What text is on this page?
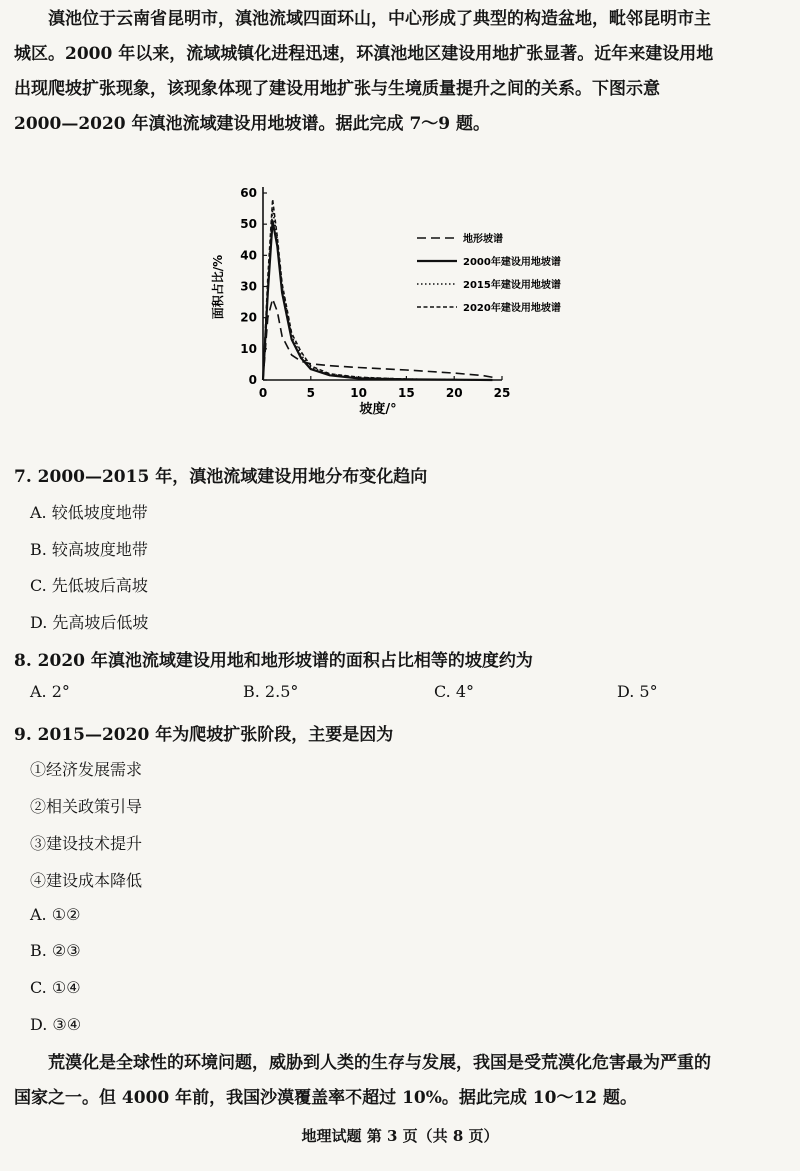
滇池位于云南省昆明市，滇池流域四面环山，中心形成了典型的构造盆地，毗邻昆明市主
城区。2000 年以来，流域城镇化进程迅速，环滇池地区建设用地扩张显著。近年来建设用地
出现爬坡扩张现象，该现象体现了建设用地扩张与生境质量提升之间的关系。下图示意
2000—2020 年滇池流域建设用地坡谱。据此完成 7～9 题。
0
10
20
30
40
50
60
0	5	10	15	20	25
地形坡谱
2000年建设用地坡谱
2015年建设用地坡谱
2020年建设用地坡谱
面积占比/%
坡度/°
7. 2000—2015 年，滇池流域建设用地分布变化趋向
A. 较低坡度地带
B. 较高坡度地带
C. 先低坡后高坡
D. 先高坡后低坡
8. 2020 年滇池流域建设用地和地形坡谱的面积占比相等的坡度约为
A. 2°	B. 2.5°	C. 4°	D. 5°
9. 2015—2020 年为爬坡扩张阶段，主要是因为
①经济发展需求
②相关政策引导
③建设技术提升
④建设成本降低
A. ①②
B. ②③
C. ①④
D. ③④
荒漠化是全球性的环境问题，威胁到人类的生存与发展，我国是受荒漠化危害最为严重的
国家之一。但 4000 年前，我国沙漠覆盖率不超过 10%。据此完成 10～12 题。
地理试题 第 3 页（共 8 页）
